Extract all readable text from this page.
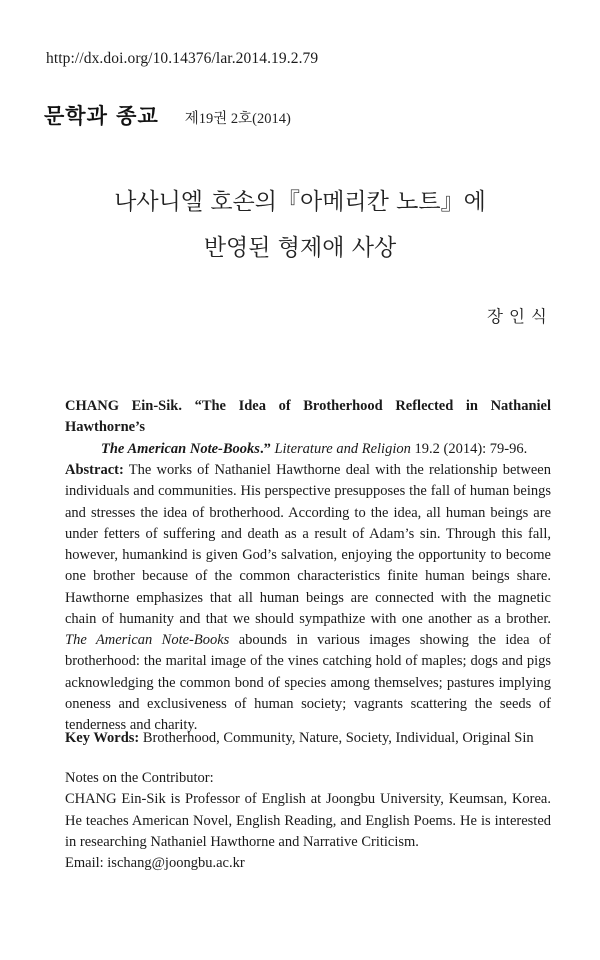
http://dx.doi.org/10.14376/lar.2014.19.2.79
문학과 종교 제19권 2호(2014)
나사니엘 호손의『아메리칸 노트』에
반영된 형제애 사상
장인식
CHANG Ein-Sik. “The Idea of Brotherhood Reflected in Nathaniel Hawthorne’s
The American Note-Books.” Literature and Religion 19.2 (2014): 79-96.

Abstract: The works of Nathaniel Hawthorne deal with the relationship between individuals and communities. His perspective presupposes the fall of human beings and stresses the idea of brotherhood. According to the idea, all human beings are under fetters of suffering and death as a result of Adam’s sin. Through this fall, however, humankind is given God’s salvation, enjoying the opportunity to become one brother because of the common characteristics finite human beings share. Hawthorne emphasizes that all human beings are connected with the magnetic chain of humanity and that we should sympathize with one another as a brother. The American Note-Books abounds in various images showing the idea of brotherhood: the marital image of the vines catching hold of maples; dogs and pigs acknowledging the common bond of species among themselves; pastures implying oneness and exclusiveness of human society; vagrants scattering the seeds of tenderness and charity.

Key Words: Brotherhood, Community, Nature, Society, Individual, Original Sin
Notes on the Contributor:
CHANG Ein-Sik is Professor of English at Joongbu University, Keumsan, Korea. He teaches American Novel, English Reading, and English Poems. He is interested in researching Nathaniel Hawthorne and Narrative Criticism.
Email: ischang@joongbu.ac.kr
